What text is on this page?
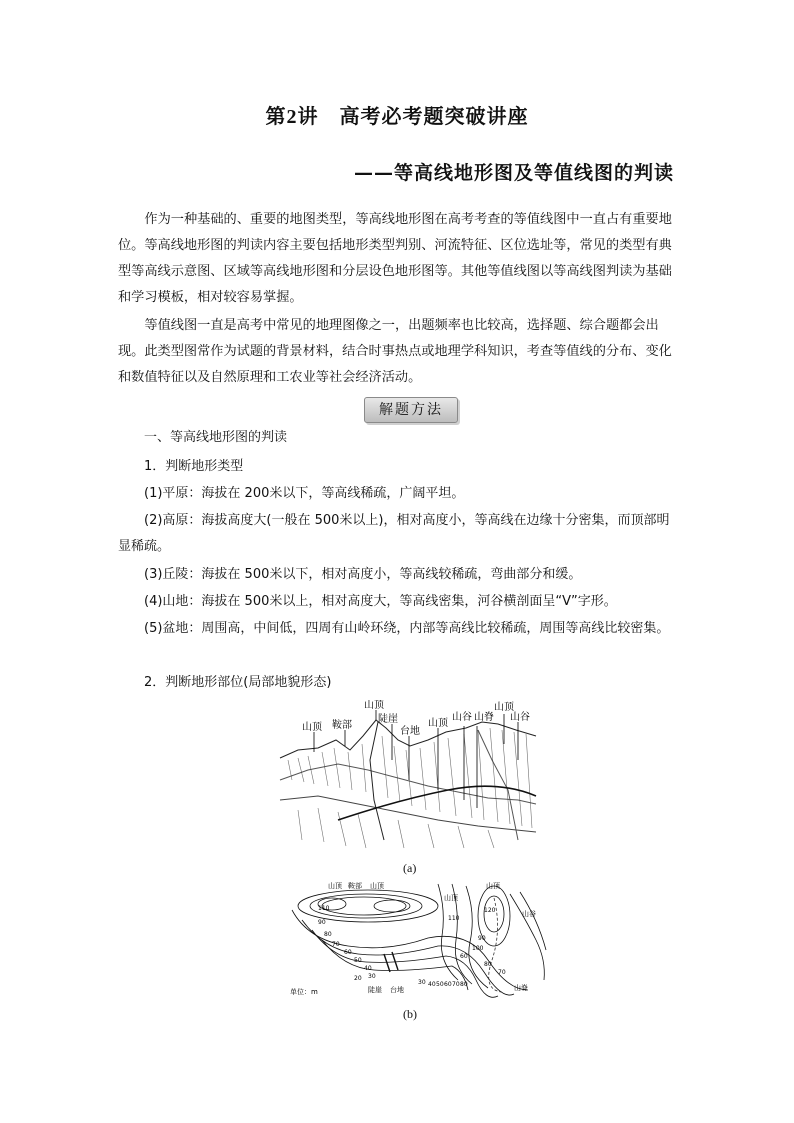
第2讲　高考必考题突破讲座
——等高线地形图及等值线图的判读

作为一种基础的、重要的地图类型，等高线地形图在高考考查的等值线图中一直占有重要地位。等高线地形图的判读内容主要包括地形类型判别、河流特征、区位选址等，常见的类型有典型等高线示意图、区域等高线地形图和分层设色地形图等。其他等值线图以等高线图判读为基础和学习模板，相对较容易掌握。

等值线图一直是高考中常见的地理图像之一，出题频率也比较高，选择题、综合题都会出现。此类型图常作为试题的背景材料，结合时事热点或地理学科知识，考查等值线的分布、变化和数值特征以及自然原理和工农业等社会经济活动。

解题方法
一、等高线地形图的判读
1．判断地形类型
(1)平原：海拔在 200米以下，等高线稀疏，广阔平坦。
(2)高原：海拔高度大(一般在 500米以上)，相对高度小，等高线在边缘十分密集，而顶部明显稀疏。
(3)丘陵：海拔在 500米以下，相对高度小，等高线较稀疏，弯曲部分和缓。
(4)山地：海拔在 500米以上，相对高度大，等高线密集，河谷横剖面呈“V”字形。
(5)盆地：周围高，中间低，四周有山岭环绕，内部等高线比较稀疏，周围等高线比较密集。
2．判断地形部位(局部地貌形态)
山顶 鞍部
山顶
陡崖
台地
山顶
山谷 山脊
山顶
山谷
(a)
山顶 鞍部 山顶
山顶
山顶
山谷
陡崖 台地	山脊
110
90
80
70
60
50
40
30
20
120
110
100
90
80
70
60
30 40 50 60 70 80
单位：m
(b)
